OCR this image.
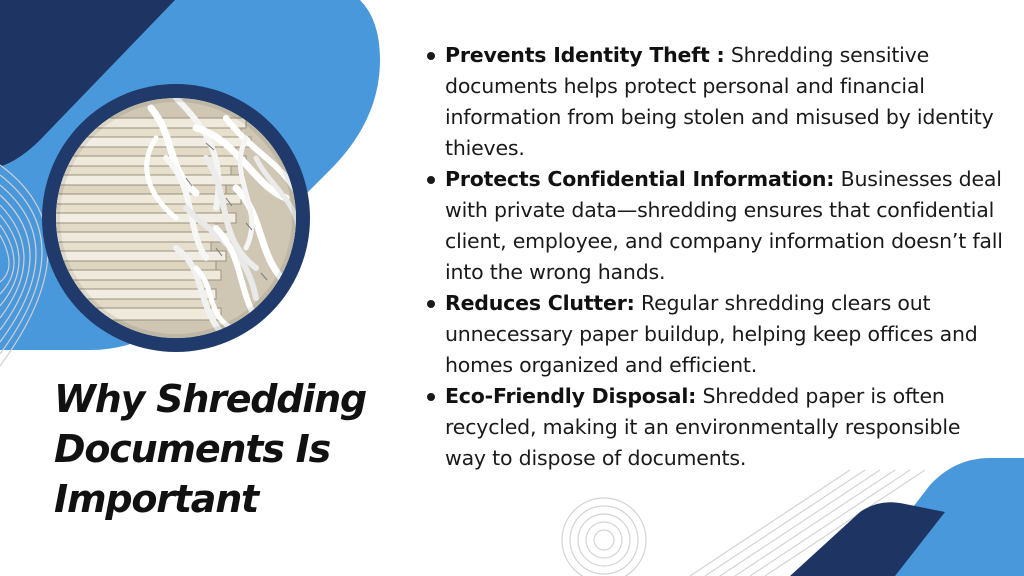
Why Shredding
Documents Is
Important
Prevents Identity Theft : Shredding sensitive documents helps protect personal and financial information from being stolen and misused by identity thieves.
Protects Confidential Information: Businesses deal with private data—shredding ensures that confidential client, employee, and company information doesn’t fall into the wrong hands.
Reduces Clutter: Regular shredding clears out unnecessary paper buildup, helping keep offices and homes organized and efficient.
Eco-Friendly Disposal: Shredded paper is often recycled, making it an environmentally responsible way to dispose of documents.
